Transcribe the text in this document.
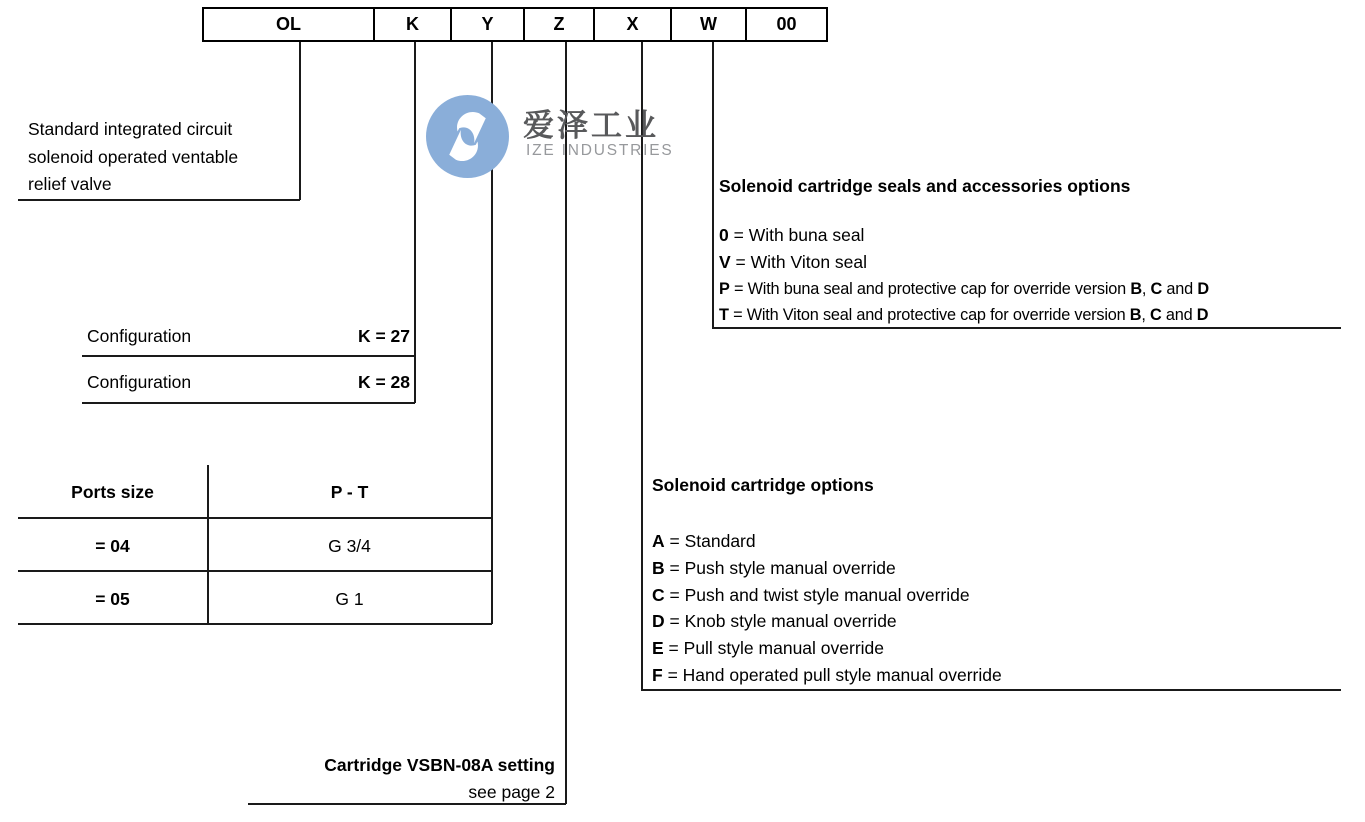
OL	K	Y	Z	X	W	00
Standard integrated circuit
solenoid operated ventable
relief valve
爱泽工业
IZE INDUSTRIES
Configuration	K = 27
Configuration	K = 28
Ports size	P - T
= 04	G 3/4
= 05	G 1
Solenoid cartridge seals and accessories options
0 = With buna seal
V = With Viton seal
P = With buna seal and protective cap for override version B, C and D
T = With Viton seal and protective cap for override version B, C and D
Solenoid cartridge options
A = Standard
B = Push style manual override
C = Push and twist style manual override
D = Knob style manual override
E = Pull style manual override
F = Hand operated pull style manual override
Cartridge VSBN-08A setting
see page 2
